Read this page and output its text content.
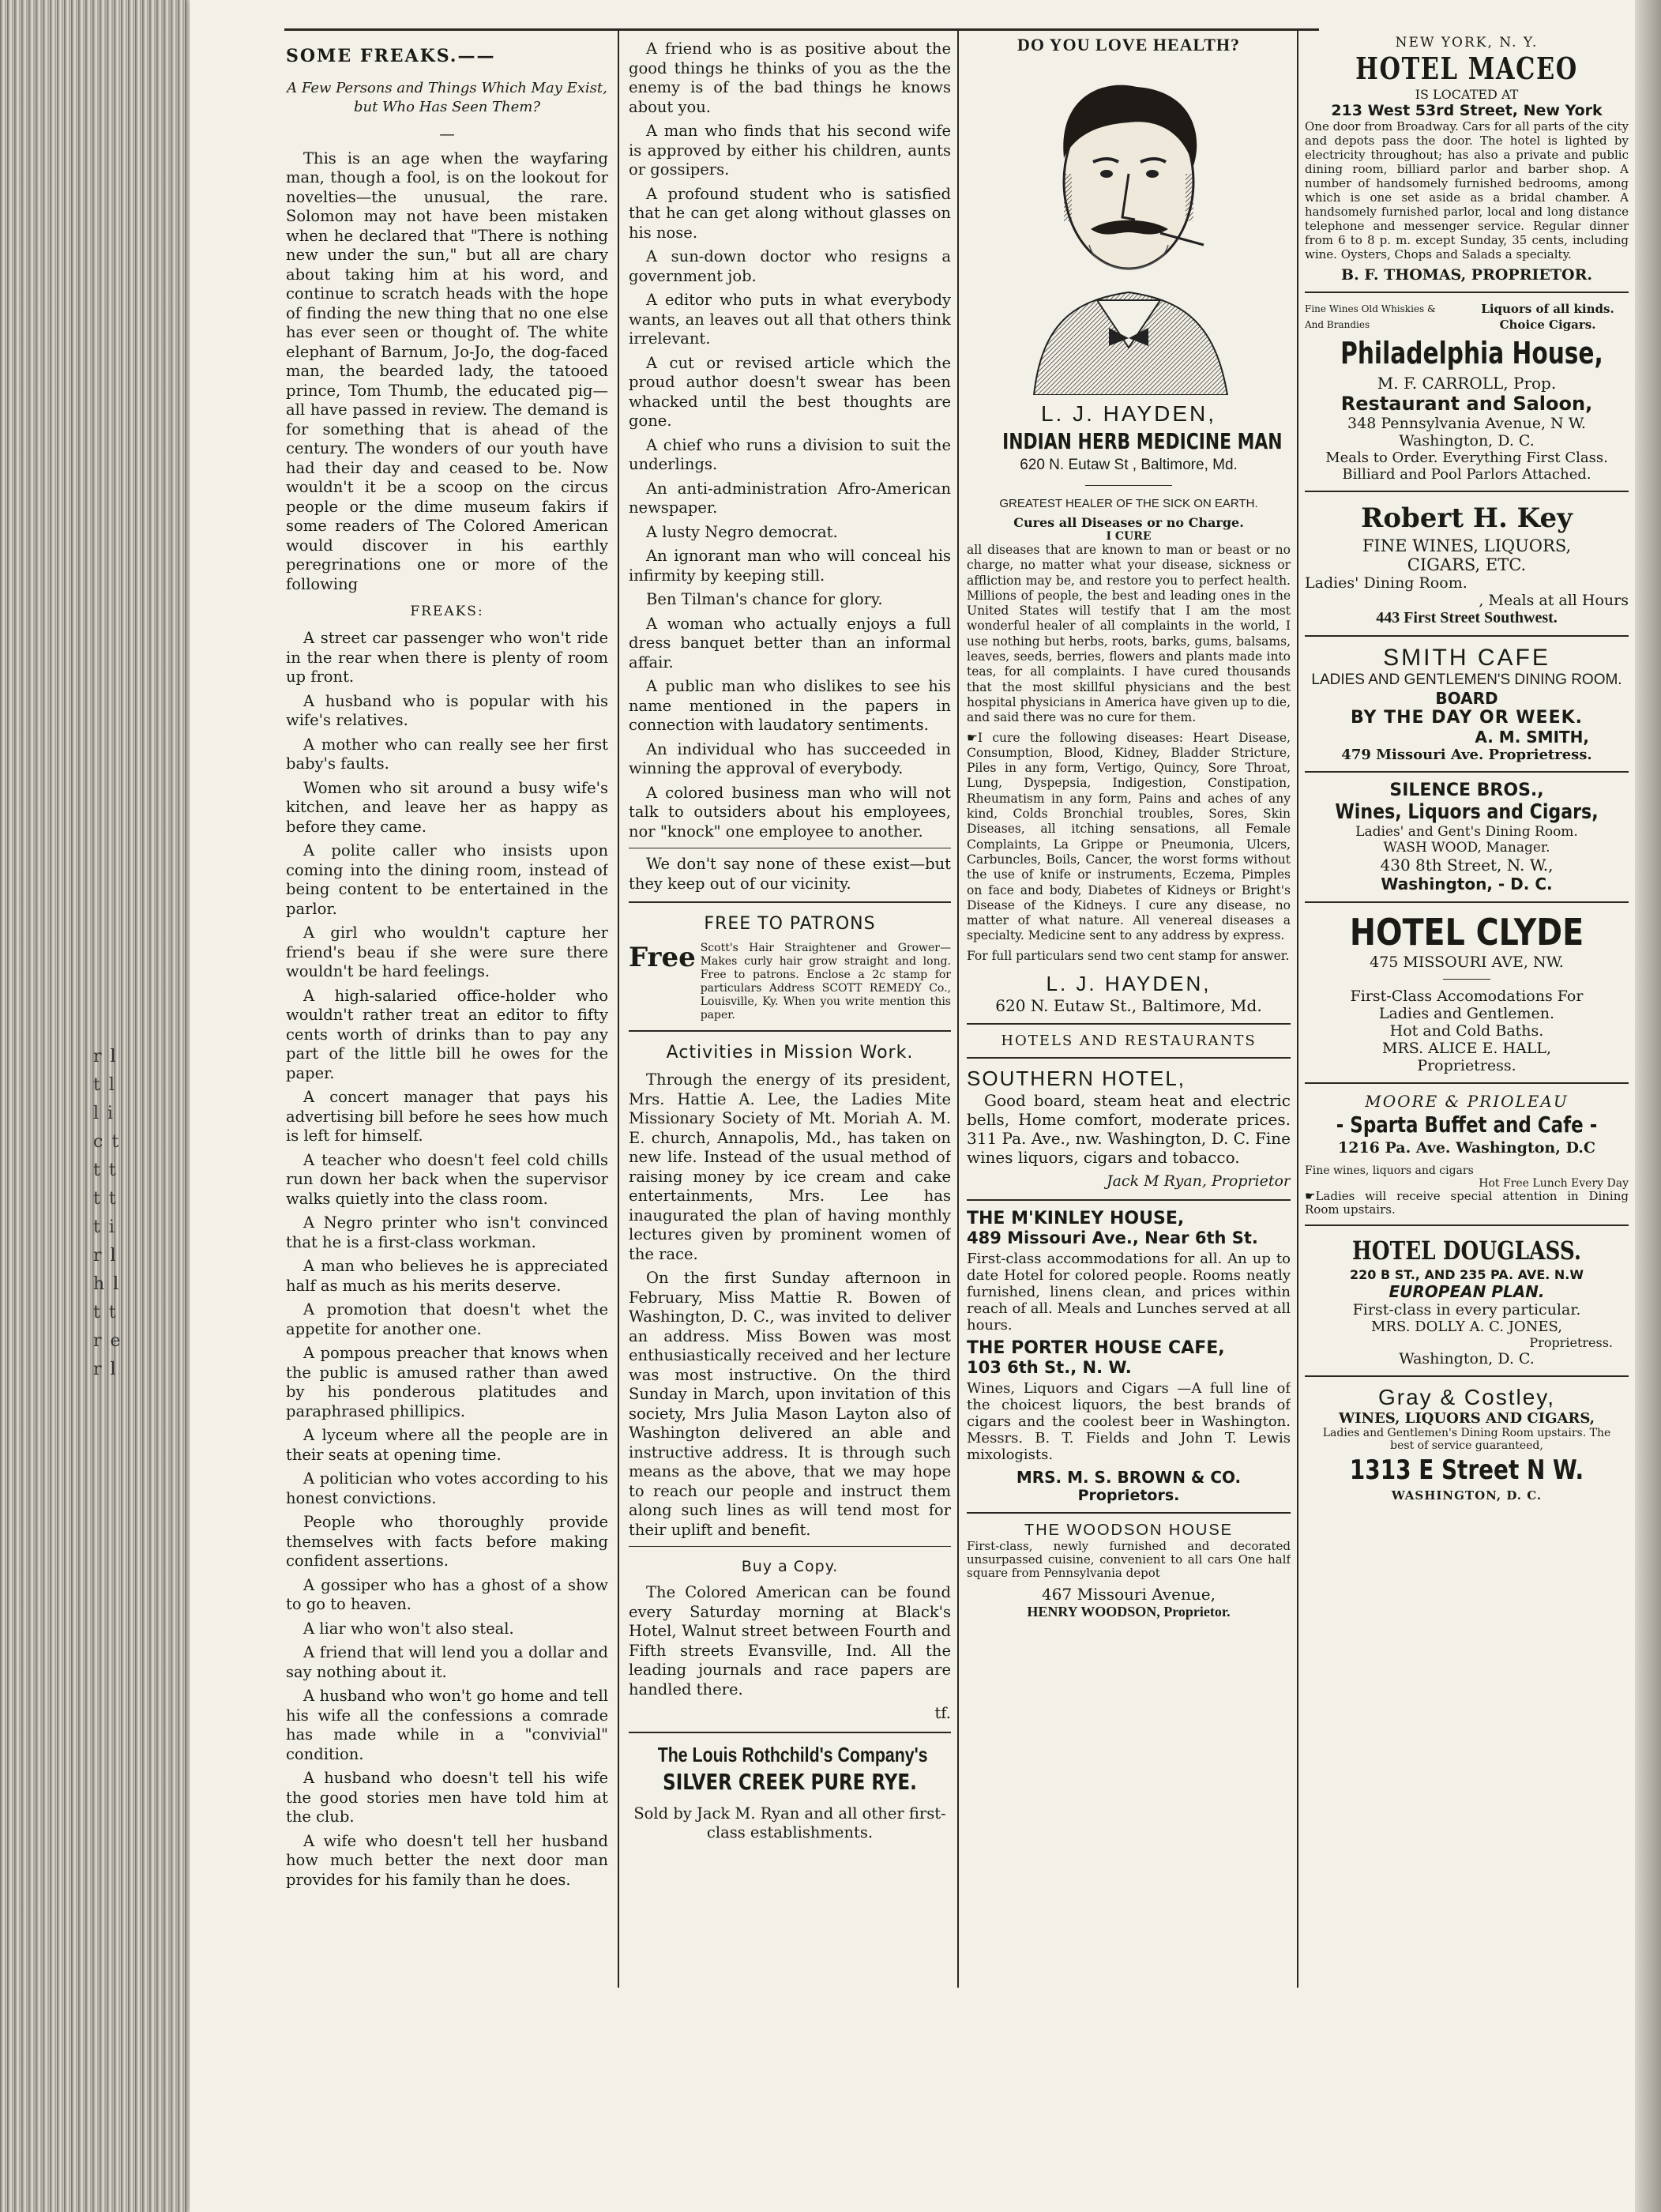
r l t l l i c t t t t t t i r l h l t t r e r l
SOME FREAKS.——

A Few Persons and Things Which May Exist, but Who Has Seen Them?

—

This is an age when the wayfaring man, though a fool, is on the lookout for novelties—the unusual, the rare. Solomon may not have been mistaken when he declared that "There is nothing new under the sun," but all are chary about taking him at his word, and continue to scratch heads with the hope of finding the new thing that no one else has ever seen or thought of. The white elephant of Barnum, Jo-Jo, the dog-faced man, the bearded lady, the tatooed prince, Tom Thumb, the educated pig—all have passed in review. The demand is for something that is ahead of the century. The wonders of our youth have had their day and ceased to be. Now wouldn't it be a scoop on the circus people or the dime museum fakirs if some readers of The Colored American would discover in his earthly peregrinations one or more of the following

FREAKS:

A street car passenger who won't ride in the rear when there is plenty of room up front.

A husband who is popular with his wife's relatives.

A mother who can really see her first baby's faults.

Women who sit around a busy wife's kitchen, and leave her as happy as before they came.

A polite caller who insists upon coming into the dining room, instead of being content to be entertained in the parlor.

A girl who wouldn't capture her friend's beau if she were sure there wouldn't be hard feelings.

A high-salaried office-holder who wouldn't rather treat an editor to fifty cents worth of drinks than to pay any part of the little bill he owes for the paper.

A concert manager that pays his advertising bill before he sees how much is left for himself.

A teacher who doesn't feel cold chills run down her back when the supervisor walks quietly into the class room.

A Negro printer who isn't convinced that he is a first-class workman.

A man who believes he is appreciated half as much as his merits deserve.

A promotion that doesn't whet the appetite for another one.

A pompous preacher that knows when the public is amused rather than awed by his ponderous platitudes and paraphrased phillipics.

A lyceum where all the people are in their seats at opening time.

A politician who votes according to his honest convictions.

People who thoroughly provide themselves with facts before making confident assertions.

A gossiper who has a ghost of a show to go to heaven.

A liar who won't also steal.

A friend that will lend you a dollar and say nothing about it.

A husband who won't go home and tell his wife all the confessions a comrade has made while in a "convivial" condition.

A husband who doesn't tell his wife the good stories men have told him at the club.

A wife who doesn't tell her husband how much better the next door man provides for his family than he does.

A friend who is as positive about the good things he thinks of you as the the enemy is of the bad things he knows about you.

A man who finds that his second wife is approved by either his children, aunts or gossipers.

A profound student who is satisfied that he can get along without glasses on his nose.

A sun-down doctor who resigns a government job.

A editor who puts in what everybody wants, an leaves out all that others think irrelevant.

A cut or revised article which the proud author doesn't swear has been whacked until the best thoughts are gone.

A chief who runs a division to suit the underlings.

An anti-administration Afro-American newspaper.

A lusty Negro democrat.

An ignorant man who will conceal his infirmity by keeping still.

Ben Tilman's chance for glory.

A woman who actually enjoys a full dress banquet better than an informal affair.

A public man who dislikes to see his name mentioned in the papers in connection with laudatory sentiments.

An individual who has succeeded in winning the approval of everybody.

A colored business man who will not talk to outsiders about his employees, nor "knock" one employee to another.

We don't say none of these exist—but they keep out of our vicinity.

FREE TO PATRONS
Free Scott's Hair Straightener and Grower—Makes curly hair grow straight and long. Free to patrons. Enclose a 2c stamp for particulars Address SCOTT REMEDY Co., Louisville, Ky. When you write mention this paper.
Activities in Mission Work.

Through the energy of its president, Mrs. Hattie A. Lee, the Ladies Mite Missionary Society of Mt. Moriah A. M. E. church, Annapolis, Md., has taken on new life. Instead of the usual method of raising money by ice cream and cake entertainments, Mrs. Lee has inaugurated the plan of having monthly lectures given by prominent women of the race.

On the first Sunday afternoon in February, Miss Mattie R. Bowen of Washington, D. C., was invited to deliver an address. Miss Bowen was most enthusiastically received and her lecture was most instructive. On the third Sunday in March, upon invitation of this society, Mrs Julia Mason Layton also of Washington delivered an able and instructive address. It is through such means as the above, that we may hope to reach our people and instruct them along such lines as will tend most for their uplift and benefit.

Buy a Copy.

The Colored American can be found every Saturday morning at Black's Hotel, Walnut street between Fourth and Fifth streets Evansville, Ind. All the leading journals and race papers are handled there.

tf.

The Louis Rothchild's Company's
SILVER CREEK PURE RYE.

Sold by Jack M. Ryan and all other first-class establishments.

DO YOU LOVE HEALTH?
L. J. HAYDEN,
INDIAN HERB MEDICINE MAN
620 N. Eutaw St , Baltimore, Md.
GREATEST HEALER OF THE SICK ON EARTH.
Cures all Diseases or no Charge.
I CURE

all diseases that are known to man or beast or no charge, no matter what your disease, sickness or affliction may be, and restore you to perfect health. Millions of people, the best and leading ones in the United States will testify that I am the most wonderful healer of all complaints in the world, I use nothing but herbs, roots, barks, gums, balsams, leaves, seeds, berries, flowers and plants made into teas, for all complaints. I have cured thousands that the most skillful physicians and the best hospital physicians in America have given up to die, and said there was no cure for them.

☛I cure the following diseases: Heart Disease, Consumption, Blood, Kidney, Bladder Stricture, Piles in any form, Vertigo, Quincy, Sore Throat, Lung, Dyspepsia, Indigestion, Constipation, Rheumatism in any form, Pains and aches of any kind, Colds Bronchial troubles, Sores, Skin Diseases, all itching sensations, all Female Complaints, La Grippe or Pneumonia, Ulcers, Carbuncles, Boils, Cancer, the worst forms without the use of knife or instruments, Eczema, Pimples on face and body, Diabetes of Kidneys or Bright's Disease of the Kidneys. I cure any disease, no matter of what nature. All venereal diseases a specialty. Medicine sent to any address by express.

For full particulars send two cent stamp for answer.

L. J. HAYDEN,
620 N. Eutaw St., Baltimore, Md.
HOTELS AND RESTAURANTS
SOUTHERN HOTEL,

Good board, steam heat and electric bells, Home comfort, moderate prices. 311 Pa. Ave., nw. Washington, D. C. Fine wines liquors, cigars and tobacco.

Jack M Ryan, Proprietor

THE M'KINLEY HOUSE,
489 Missouri Ave., Near 6th St.

First-class accommodations for all. An up to date Hotel for colored people. Rooms neatly furnished, linens clean, and prices within reach of all. Meals and Lunches served at all hours.

THE PORTER HOUSE CAFE,
103 6th St., N. W.

Wines, Liquors and Cigars —A full line of the choicest liquors, the best brands of cigars and the coolest beer in Washington. Messrs. B. T. Fields and John T. Lewis mixologists.

MRS. M. S. BROWN & CO.
Proprietors.
THE WOODSON HOUSE

First-class, newly furnished and decorated unsurpassed cuisine, convenient to all cars One half square from Pennsylvania depot

467 Missouri Avenue,
HENRY WOODSON, Proprietor.
NEW YORK, N. Y.
HOTEL MACEO
IS LOCATED AT
213 West 53rd Street, New York

One door from Broadway. Cars for all parts of the city and depots pass the door. The hotel is lighted by electricity throughout; has also a private and public dining room, billiard parlor and barber shop. A number of handsomely furnished bedrooms, among which is one set aside as a bridal chamber. A handsomely furnished parlor, local and long distance telephone and messenger service. Regular dinner from 6 to 8 p. m. except Sunday, 35 cents, including wine. Oysters, Chops and Salads a specialty.

B. F. THOMAS, PROPRIETOR.
Fine Wines Old Whiskies & And Brandies
Liquors of all kinds. Choice Cigars.
Philadelphia House,
M. F. CARROLL, Prop.
Restaurant and Saloon,
348 Pennsylvania Avenue, N W.
Washington, D. C.
Meals to Order. Everything First Class.
Billiard and Pool Parlors Attached.
Robert H. Key
FINE WINES, LIQUORS, CIGARS, ETC.
Ladies' Dining Room.
, Meals at all Hours
443 First Street Southwest.
SMITH CAFE
LADIES AND GENTLEMEN'S DINING ROOM.
BOARD
BY THE DAY OR WEEK.
A. M. SMITH,
479 Missouri Ave. Proprietress.
SILENCE BROS.,
Wines, Liquors and Cigars,
Ladies' and Gent's Dining Room.
WASH WOOD, Manager.
430 8th Street, N. W.,
Washington, - D. C.
HOTEL CLYDE
475 MISSOURI AVE, NW.
First-Class Accomodations For Ladies and Gentlemen.
Hot and Cold Baths.
MRS. ALICE E. HALL,
Proprietress.
MOORE & PRIOLEAU
- Sparta Buffet and Cafe -
1216 Pa. Ave. Washington, D.C
Fine wines, liquors and cigars
Hot Free Lunch Every Day

☛Ladies will receive special attention in Dining Room upstairs.

HOTEL DOUGLASS.
220 B ST., AND 235 PA. AVE. N.W
EUROPEAN PLAN.
First-class in every particular.
MRS. DOLLY A. C. JONES,
Proprietress.
Washington, D. C.
Gray & Costley,
WINES, LIQUORS AND CIGARS,
Ladies and Gentlemen's Dining Room upstairs. The best of service guaranteed,
1313 E Street N W.
WASHINGTON, D. C.
